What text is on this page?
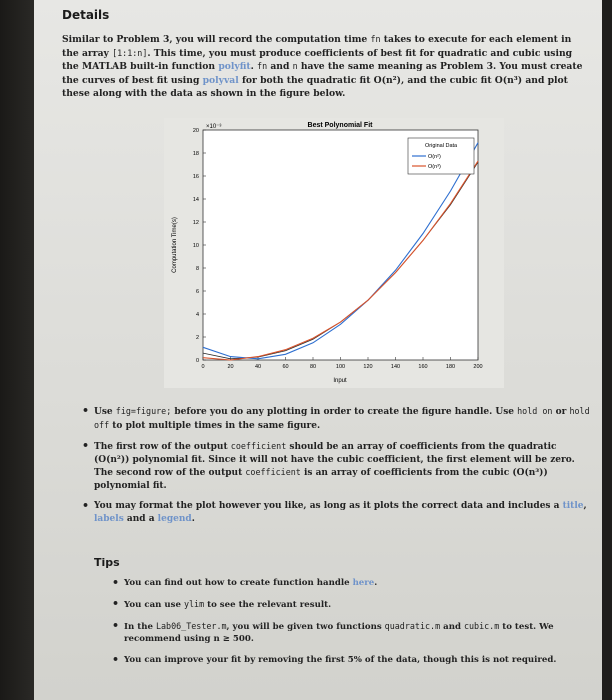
Details
Similar to Problem 3, you will record the computation time fn takes to execute for each element in the array [1:1:n]. This time, you must produce coefficients of best fit for quadratic and cubic using the MATLAB built-in function polyfit. fn and n have the same meaning as Problem 3. You must create the curves of best fit using polyval for both the quadratic fit O(n²), and the cubic fit O(n³) and plot these along with the data as shown in the figure below.
Best Polynomial Fit
×10⁻³
Input
Computation Time(s)
0	20	40	60	80	100	120	140	160	180	200
0
2
4
6
8
10
12
14
16
18
20
Original Data
O(n²)
O(n³)
• Use fig=figure; before you do any plotting in order to create the figure handle. Use hold on or hold off to plot multiple times in the same figure.
• The first row of the output coefficient should be an array of coefficients from the quadratic (O(n²)) polynomial fit. Since it will not have the cubic coefficient, the first element will be zero. The second row of the output coefficient is an array of coefficients from the cubic (O(n³)) polynomial fit.
• You may format the plot however you like, as long as it plots the correct data and includes a title, labels and a legend.
Tips
• You can find out how to create function handle here.
• You can use ylim to see the relevant result.
• In the Lab06_Tester.m, you will be given two functions quadratic.m and cubic.m to test. We recommend using n ≥ 500.
• You can improve your fit by removing the first 5% of the data, though this is not required.
